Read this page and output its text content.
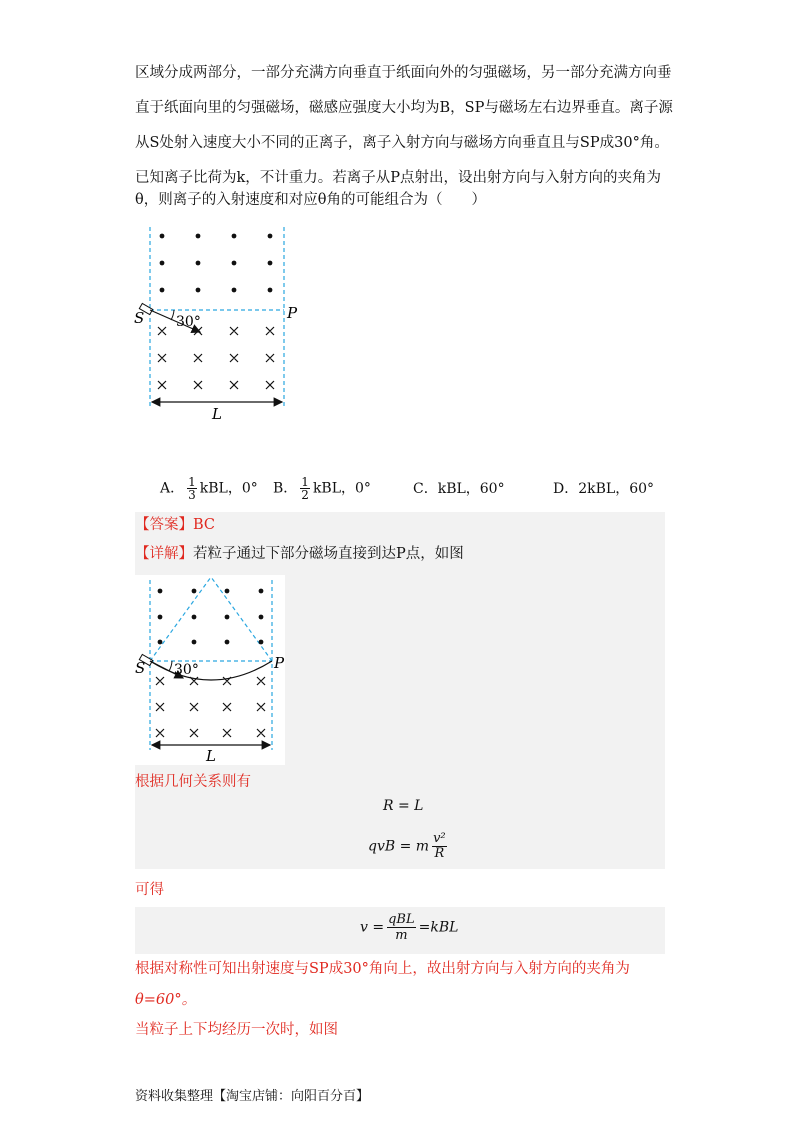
区域分成两部分，一部分充满方向垂直于纸面向外的匀强磁场，另一部分充满方向垂
直于纸面向里的匀强磁场，磁感应强度大小均为B，SP与磁场左右边界垂直。离子源
从S处射入速度大小不同的正离子，离子入射方向与磁场方向垂直且与SP成30°角。
已知离子比荷为k，不计重力。若离子从P点射出，设出射方向与入射方向的夹角为
θ，则离子的入射速度和对应θ角的可能组合为（　　）
30°
S	P
L
A． $\frac{1}{3}$ kBL，0° B． $\frac{1}{2}$ kBL，0°	C．kBL，60°	D．2kBL，60°
【答案】BC
【详解】若粒子通过下部分磁场直接到达P点，如图
30°
S	P
L
根据几何关系则有
R = L
qvB = m $\frac{\text{v²}}{R}$
可得
$v = \frac{\text{qBL}}{m} =kBL$
根据对称性可知出射速度与SP成30°角向上，故出射方向与入射方向的夹角为
θ=60°。
当粒子上下均经历一次时，如图
资料收集整理【淘宝店铺：向阳百分百】
